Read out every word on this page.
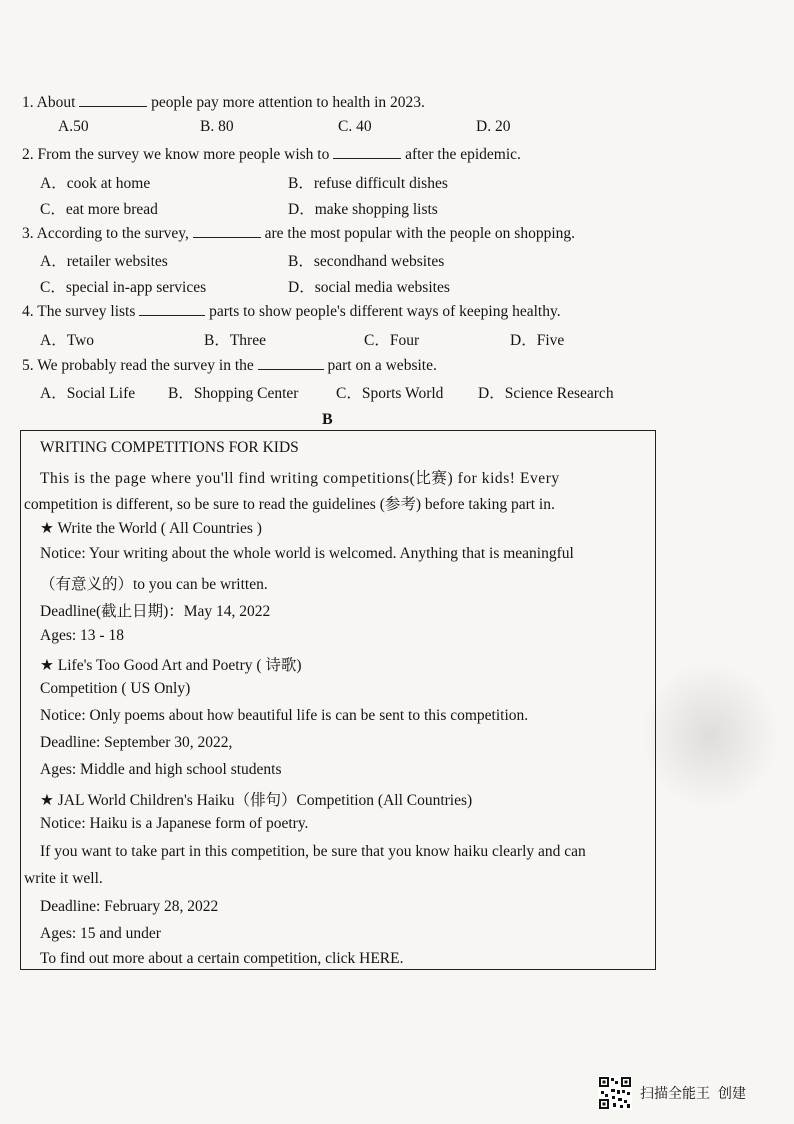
1. About	people pay more attention to health in 2023.
A.50	B. 80	C. 40	D. 20
2. From the survey we know more people wish to	after the epidemic.
A．cook at home	B．refuse difficult dishes
C．eat more bread	D．make shopping lists
3. According to the survey,	are the most popular with the people on shopping.
A．retailer websites	B．secondhand websites
C．special in-app services	D．social media websites
4. The survey lists	parts to show people's different ways of keeping healthy.
A．Two	B．Three	C．Four	D．Five
5. We probably read the survey in the	part on a website.
A．Social Life B．Shopping Center C．Sports World D．Science Research
B
WRITING COMPETITIONS FOR KIDS
This is the page where you'll find writing competitions(比赛) for kids! Every
competition is different, so be sure to read the guidelines (参考) before taking part in.
★ Write the World ( All Countries )
Notice: Your writing about the whole world is welcomed. Anything that is meaningful
（有意义的）to you can be written.
Deadline(截止日期)：May 14, 2022
Ages: 13 - 18
★ Life's Too Good Art and Poetry ( 诗歌)
Competition ( US Only)
Notice: Only poems about how beautiful life is can be sent to this competition.
Deadline: September 30, 2022,
Ages: Middle and high school students
★ JAL World Children's Haiku（俳句）Competition (All Countries)
Notice: Haiku is a Japanese form of poetry.
If you want to take part in this competition, be sure that you know haiku clearly and can
write it well.
Deadline: February 28, 2022
Ages: 15 and under
To find out more about a certain competition, click HERE.
扫描全能王 创建
